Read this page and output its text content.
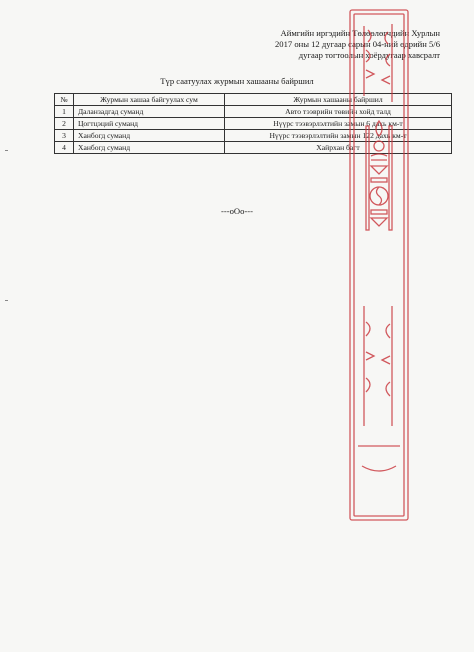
Аймгийн иргэдийн Төлөөлөгчдийн Хурлын
2017 оны 12 дугаар сарын 04-ний өдрийн 5/6
дугаар тогтоолын хоёрдугаар хавсралт
Түр саатуулах журмын хашааны байршил
№	Журмын хашаа байгуулах сум	Журмын хашааны байршил
1	Даланзадгад суманд	Авто тээврийн төвийн хойд талд
2	Цогтцэций суманд	Нүүрс тээвэрлэлтийн замын 6 дахь км-т
3	Ханбогд суманд	Нүүрс тээвэрлэлтийн замын 122 дахь км-т
4	Ханбогд суманд	Хайрхан багт
---oOo---
